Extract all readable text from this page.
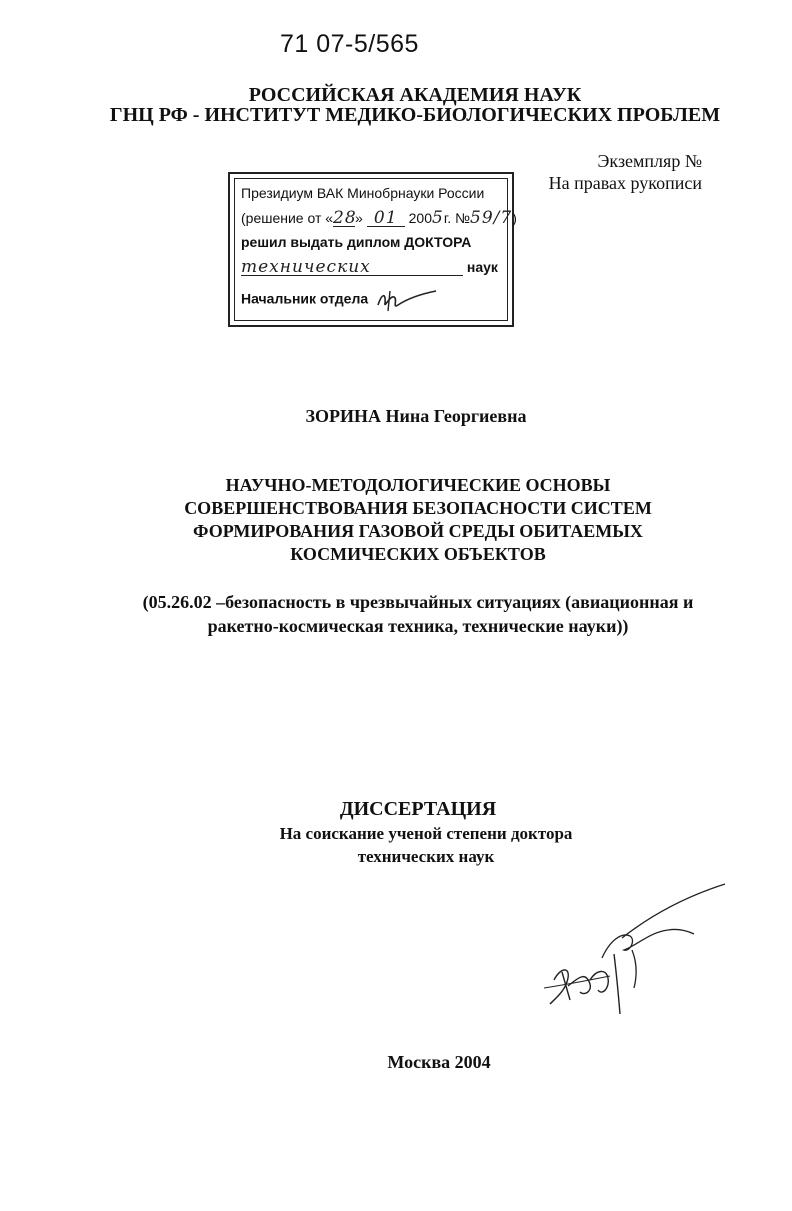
71 07-5/565
РОССИЙСКАЯ АКАДЕМИЯ НАУК
ГНЦ РФ - ИНСТИТУТ МЕДИКО-БИОЛОГИЧЕСКИХ ПРОБЛЕМ
Экземпляр №
На правах рукописи
Президиум ВАК Минобрнауки России
(решение от «28» 01 2005г. №59/7)
решил выдать диплом ДОКТОРА
технических	наук
Начальник отдела
ЗОРИНА Нина Георгиевна
НАУЧНО-МЕТОДОЛОГИЧЕСКИЕ ОСНОВЫ
СОВЕРШЕНСТВОВАНИЯ БЕЗОПАСНОСТИ СИСТЕМ
ФОРМИРОВАНИЯ ГАЗОВОЙ СРЕДЫ ОБИТАЕМЫХ
КОСМИЧЕСКИХ ОБЪЕКТОВ
(05.26.02 –безопасность в чрезвычайных ситуациях (авиационная и
ракетно-космическая техника, технические науки))
ДИССЕРТАЦИЯ
На соискание ученой степени доктора
технических наук
Москва 2004
